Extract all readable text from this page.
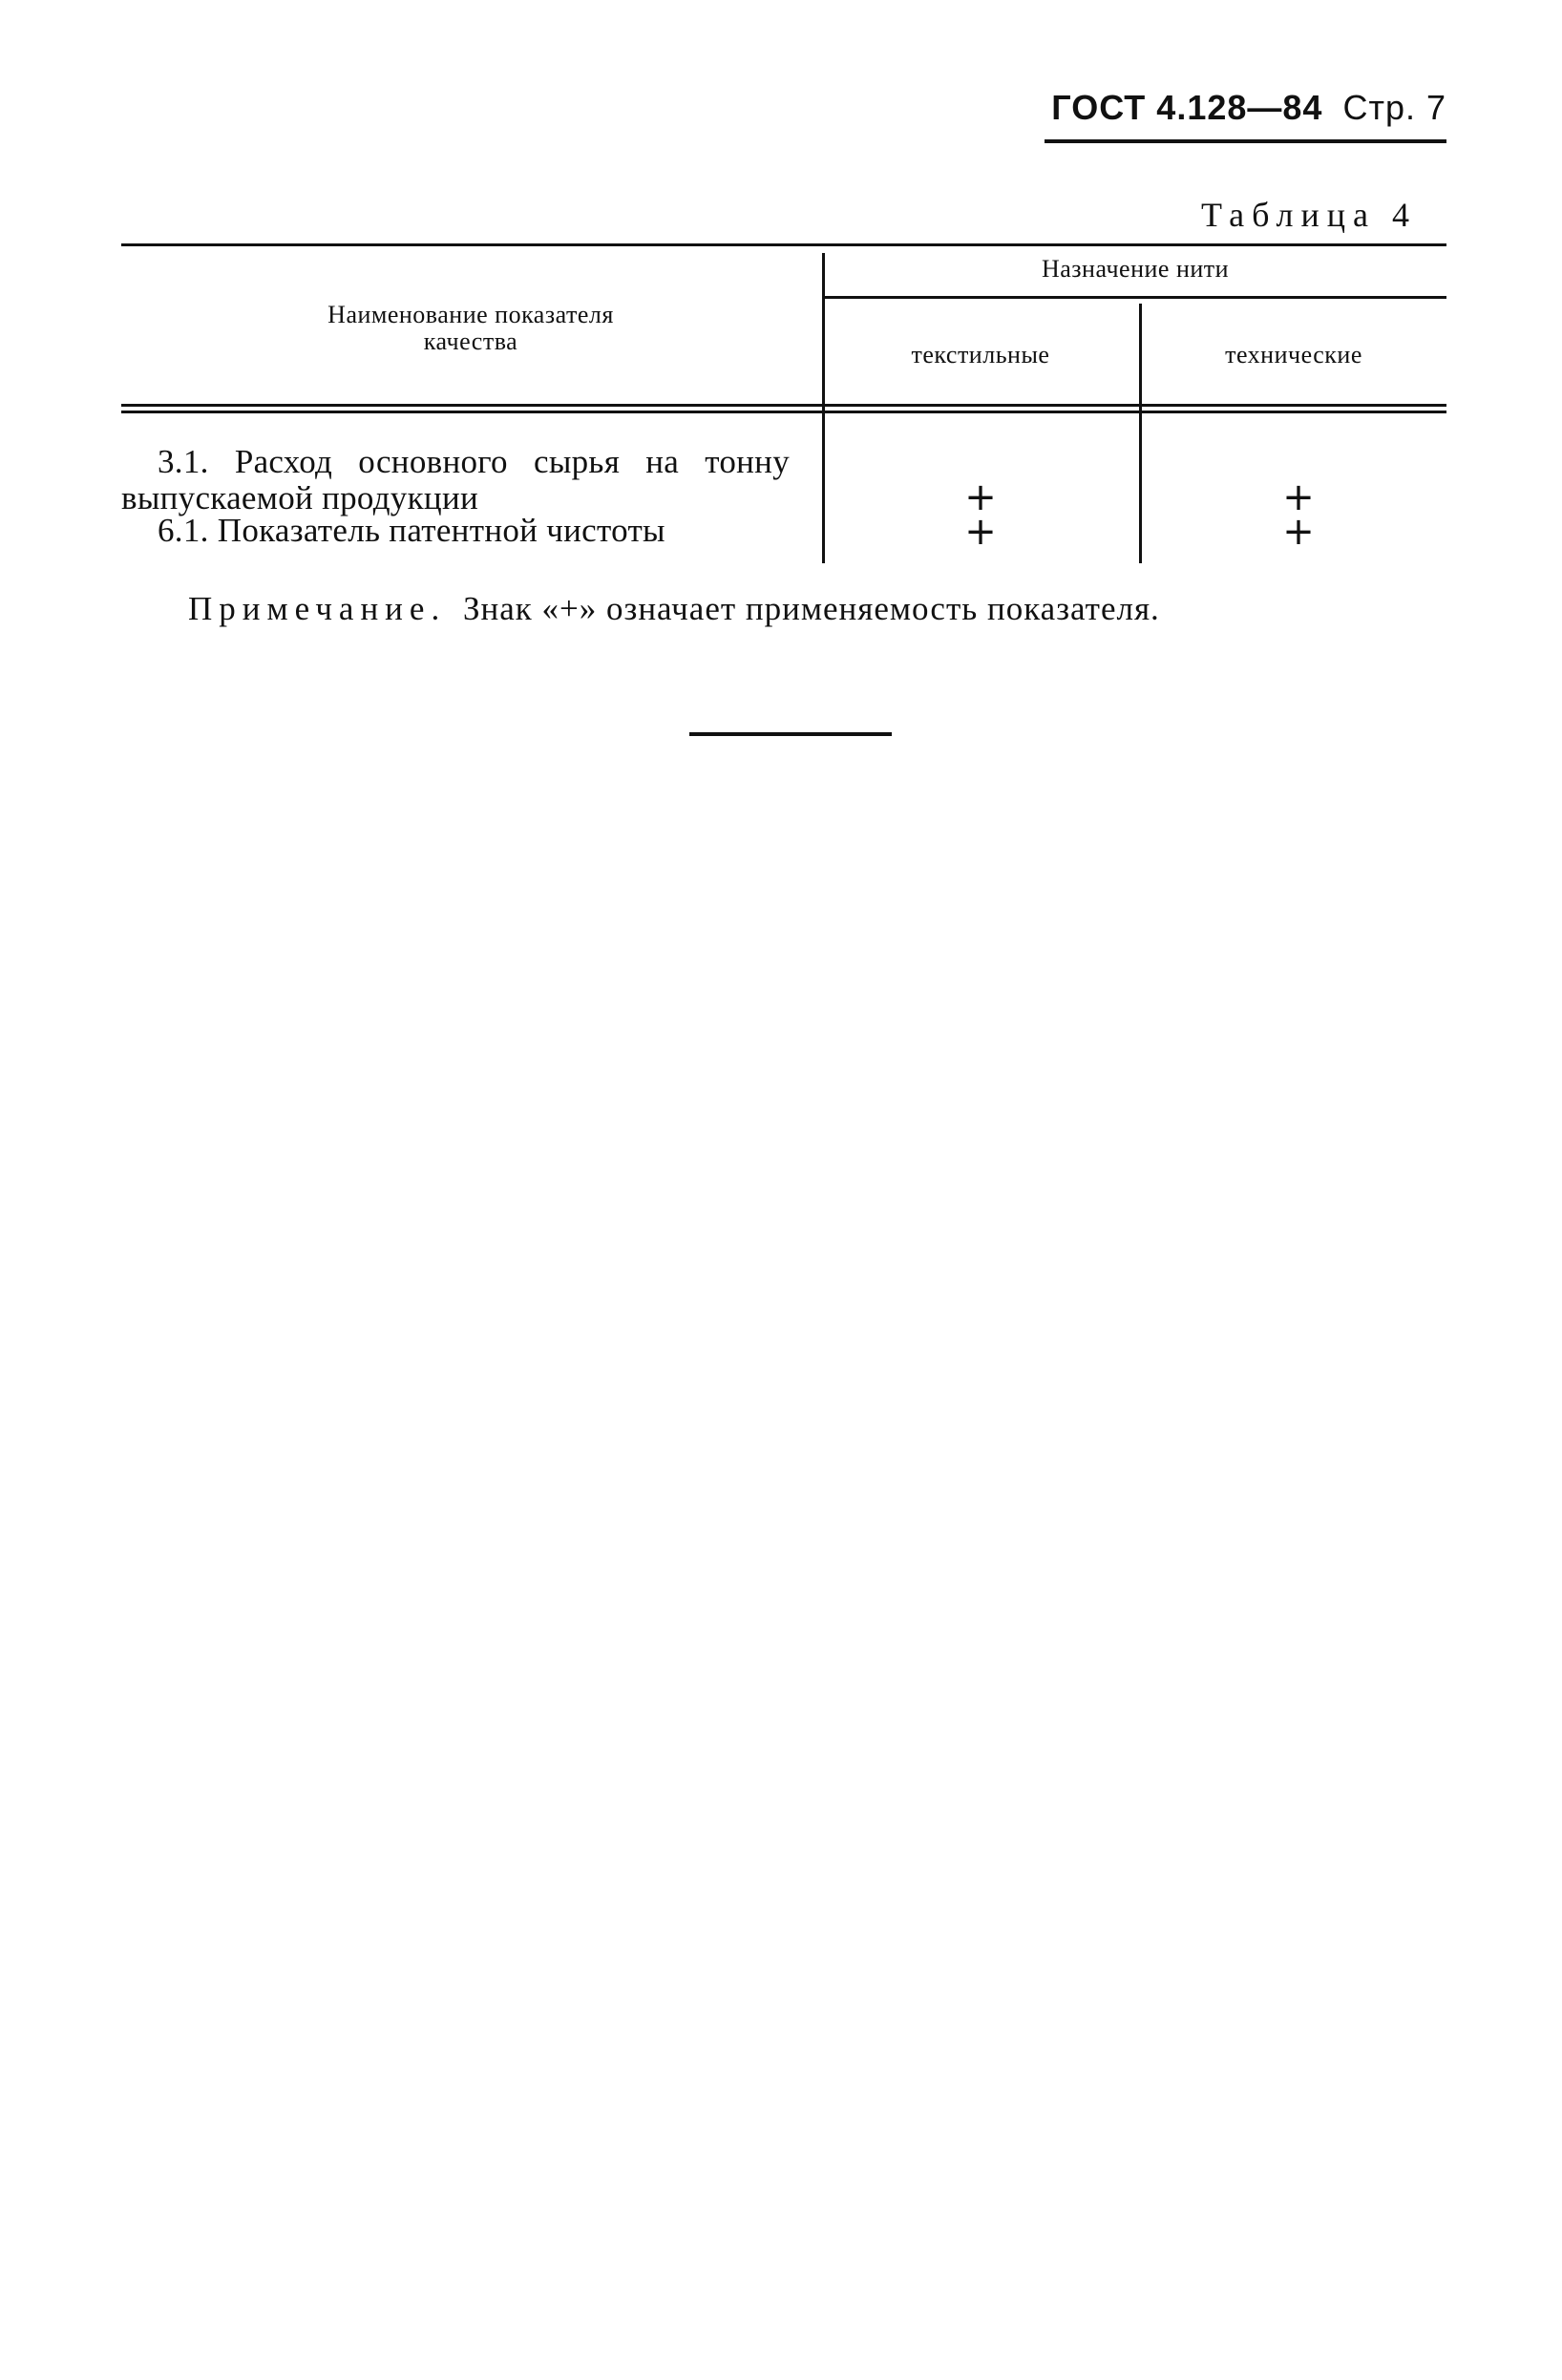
ГОСТ 4.128—84 Стр. 7
Таблица 4
Наименование показателя
качества
Назначение нити
текстильные	технические
3.1. Расход основного сырья на тонну
выпускаемой продукции
6.1. Показатель патентной чистоты
+
+
+
+
Примечание. Знак «+» означает применяемость показателя.
